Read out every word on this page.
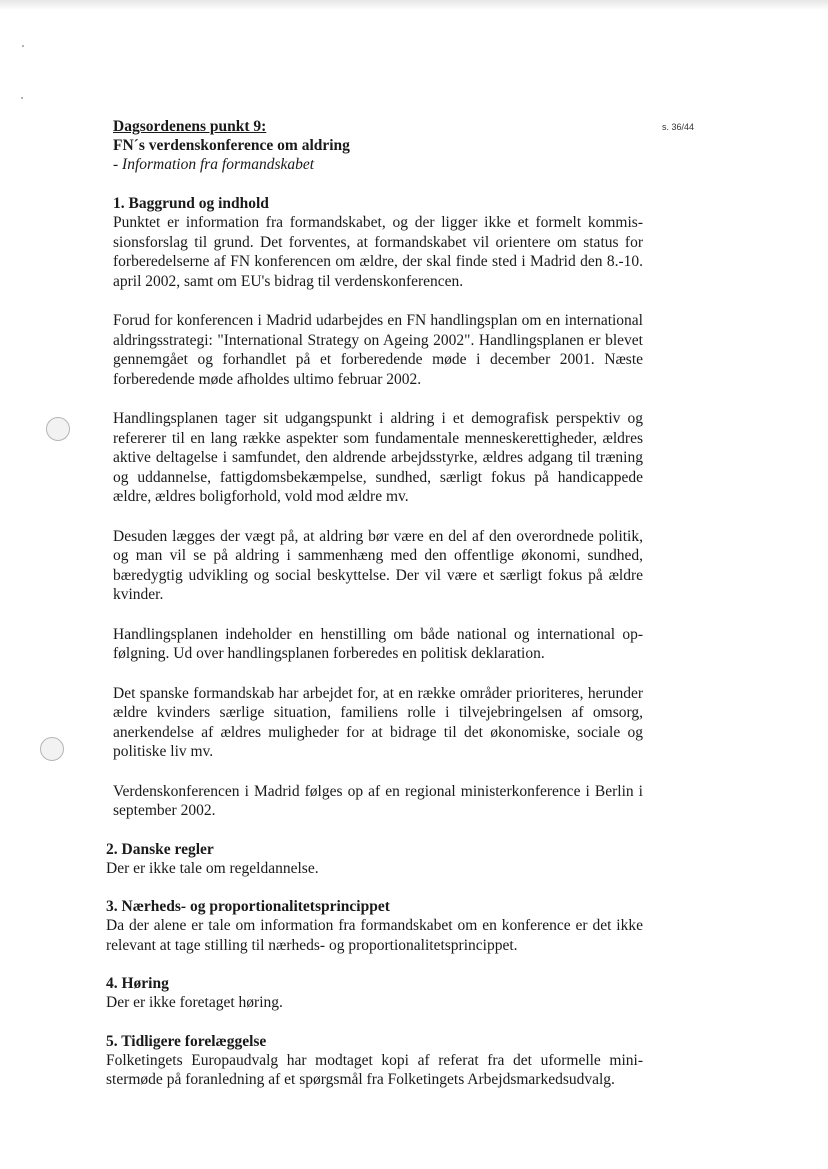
s. 36/44
Dagsordenens punkt 9:
FN´s verdenskonference om aldring
- Information fra formandskabet
1. Baggrund og indhold

Punktet er information fra formandskabet, og der ligger ikke et formelt kommissionsforslag til grund. Det forventes, at formandskabet vil orientere om status for forberedelserne af FN konferencen om ældre, der skal finde sted i Madrid den 8.-10. april 2002, samt om EU's bidrag til verdenskonferencen.

Forud for konferencen i Madrid udarbejdes en FN handlingsplan om en international aldringsstrategi: "International Strategy on Ageing 2002". Handlingsplanen er blevet gennemgået og forhandlet på et forberedende møde i december 2001. Næste forberedende møde afholdes ultimo februar 2002.

Handlingsplanen tager sit udgangspunkt i aldring i et demografisk perspektiv og refererer til en lang række aspekter som fundamentale menneskerettigheder, ældres aktive deltagelse i samfundet, den aldrende arbejdsstyrke, ældres adgang til træning og uddannelse, fattigdomsbekæmpelse, sundhed, særligt fokus på handicappede ældre, ældres boligforhold, vold mod ældre mv.

Desuden lægges der vægt på, at aldring bør være en del af den overordnede politik, og man vil se på aldring i sammenhæng med den offentlige økonomi, sundhed, bæredygtig udvikling og social beskyttelse. Der vil være et særligt fokus på ældre kvinder.

Handlingsplanen indeholder en henstilling om både national og international opfølgning. Ud over handlingsplanen forberedes en politisk deklaration.

Det spanske formandskab har arbejdet for, at en række områder prioriteres, herunder ældre kvinders særlige situation, familiens rolle i tilvejebringelsen af omsorg, anerkendelse af ældres muligheder for at bidrage til det økonomiske, sociale og politiske liv mv.

Verdenskonferencen i Madrid følges op af en regional ministerkonference i Berlin i september 2002.

2. Danske regler

Der er ikke tale om regeldannelse.

3. Nærheds- og proportionalitetsprincippet

Da der alene er tale om information fra formandskabet om en konference er det ikke relevant at tage stilling til nærheds- og proportionalitetsprincippet.

4. Høring

Der er ikke foretaget høring.

5. Tidligere forelæggelse

Folketingets Europaudvalg har modtaget kopi af referat fra det uformelle ministermøde på foranledning af et spørgsmål fra Folketingets Arbejdsmarkedsudvalg.
